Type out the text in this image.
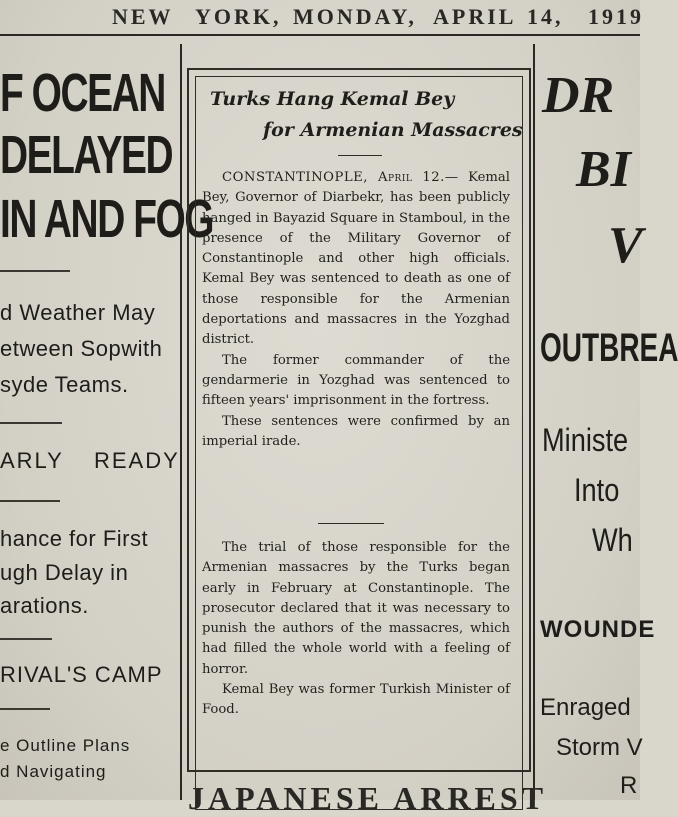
NEW YORK, MONDAY, APRIL 14, 1919
F OCEAN
DELAYED
IN AND FOG
d Weather May
etween Sopwith
syde Teams.
ARLY READY
hance for First
ugh Delay in
arations.
RIVAL'S CAMP
e Outline Plans
d Navigating
Turks Hang Kemal Bey
for Armenian Massacres

CONSTANTINOPLE, April 12.— Kemal Bey, Governor of Diarbekr, has been publicly hanged in Bayazid Square in Stamboul, in the presence of the Military Governor of Constantinople and other high officials. Kemal Bey was sentenced to death as one of those responsible for the Armenian deportations and massacres in the Yozghad district.

The former commander of the gendarmerie in Yozghad was sentenced to fifteen years' imprisonment in the fortress.

These sentences were confirmed by an imperial irade.

The trial of those responsible for the Armenian massacres by the Turks began early in February at Constantinople. The prosecutor declared that it was necessary to punish the authors of the massacres, which had filled the whole world with a feeling of horror.

Kemal Bey was former Turkish Minister of Food.

JAPANESE ARREST
DR
BI
V
OUTBREA
Ministe
Into
Wh
WOUNDE
Enraged
Storm V
R
